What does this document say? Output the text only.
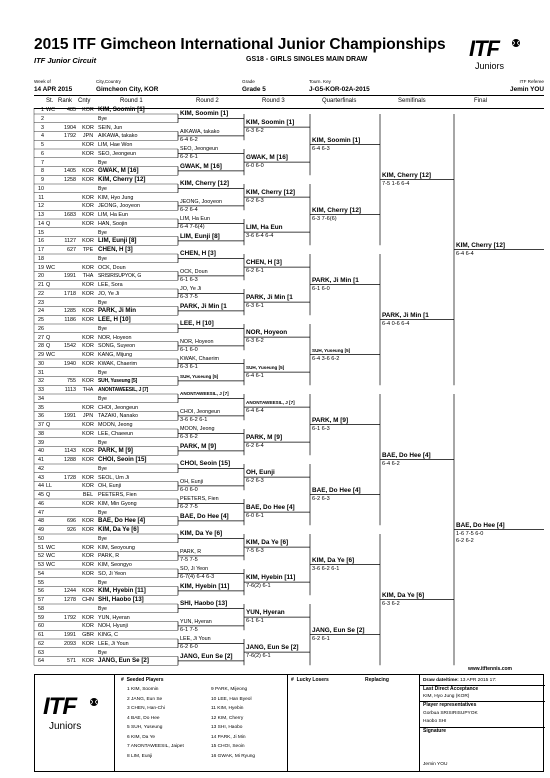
2015 ITF Gimcheon International Junior Championships
ITF Junior Circuit	GS18 - GIRLS SINGLES MAIN DRAW	ITF
Juniors
Week of
14 APR 2015
City,Country
Gimcheon City, KOR
Grade
Grade 5
Tourn. Key
J-G5-KOR-02A-2015
ITF Referee
Jemin YOU
St. Rank Cnty	Round 1	Round 2	Round 3	Quarterfinals	Semifinals	Final
1 WC	485	KOR KIM, Soomin [1]
2	Bye
3	1904	KOR SEIN, Jun
4	1792	JPN AIKAWA, takako
5	KOR LIM, Hae Won
6	KOR SEO, Jeongeun
7	Bye
8	1405	KOR GWAK, M [16]
9	1258	KOR KIM, Cherry [12]
10	Bye
11	KOR KIM, Hyo Jung
12	KOR JEONG, Jooyeon
13	1683	KOR LIM, Ha Eun
14 Q	KOR HAN, Soojin
15	Bye
16	1127	KOR LIM, Eunji [8]
17	627	TPE CHEN, H [3]
18	Bye
19 WC	KOR OCK, Doun
20	1991	THA SRISIRISUPYOK, G
21 Q	KOR LEE, Sora
22	1718	KOR JO, Ye Ji
23	Bye
24	1285	KOR PARK, Ji Min
25	1186	KOR LEE, H [10]
26	Bye
27 Q	KOR NOR, Hoyeon
28 Q	1542	KOR SONG, Suyeon
29 WC	KOR KANG, Mijung
30	1940	KOR KWAK, Chaerim
31	Bye
32	755	KOR SUH, Yuseung [5]
33	1113	THA ANONTAWEESIL, J [7]
34	Bye
35	KOR CHOI, Jeongeun
36	1991	JPN TAZAKI, Nanako
37 Q	KOR MOON, Jeong
38	KOR LEE, Chaeeun
39	Bye
40	1143	KOR PARK, M [9]
41	1288	KOR CHOI, Seoin [15]
42	Bye
43	1728	KOR SEOL, Um Ji
44 LL	KOR OH, Eunji
45 Q	BEL PEETERS, Fien
46	KOR KIM, Min Gyong
47	Bye
48	696	KOR BAE, Do Hee [4]
49	926	KOR KIM, Da Ye [6]
50	Bye
51 WC	KOR KIM, Seoyoung
52 WC	KOR PARK, R
53 WC	KOR KIM, Seongyo
54	KOR SO, Ji Yeon
55	Bye
56	1244	KOR KIM, Hyebin [11]
57	1278	CHN SHI, Haobo [13]
58	Bye
59	1792	KOR YUN, Hyeran
60	KOR NOH, Hyunji
61	1991	GBR KING, C
62	2093	KOR LEE, Ji Youn
63	Bye
64	571	KOR JANG, Eun Se [2]
KIM, Soomin [1]
AIKAWA, takako
6-4 6-2
SEO, Jeongeun
6-2 6-1
GWAK, M [16]
KIM, Cherry [12]
JEONG, Jooyeon
6-2 6-4
LIM, Ha Eun
6-4 7-6(4)
LIM, Eunji [8]
CHEN, H [3]
OCK, Doun
6-1 6-3
JO, Ye Ji
6-3 7-5
PARK, Ji Min [1
LEE, H [10]
NOR, Hoyeon
6-1 6-0
KWAK, Chaerim
6-3 6-1
SUH, Yuseung [5]
ANONTAWEESIL, J [7]
CHOI, Jeongeun
3-6 6-2 6-1
MOON, Jeong
6-3 6-2
PARK, M [9]
CHOI, Seoin [15]
OH, Eunji
6-0 6-0
PEETERS, Fien
6-2 7-5
BAE, Do Hee [4]
KIM, Da Ye [6]
PARK, R
7-5 7-5
SO, Ji Yeon
6-7(4) 6-4 6-3
KIM, Hyebin [11]
SHI, Haobo [13]
YUN, Hyeran
6-1 7-5
LEE, Ji Youn
6-2 6-0
JANG, Eun Se [2]
KIM, Soomin [1]
6-3 6-2
GWAK, M [16]
6-0 6-0
KIM, Cherry [12]
6-2 6-3
LIM, Ha Eun
3-6 6-4 6-4
CHEN, H [3]
6-2 6-1
PARK, Ji Min [1
6-3 6-1
NOR, Hoyeon
6-3 6-2
SUH, Yuseung [5]
6-4 6-1
ANONTAWEESIL, J [7]
6-4 6-4
PARK, M [9]
6-2 6-4
OH, Eunji
6-2 6-3
BAE, Do Hee [4]
6-0 6-1
KIM, Da Ye [6]
7-5 6-3
KIM, Hyebin [11]
7-6(2) 6-1
YUN, Hyeran
6-1 6-1
JANG, Eun Se [2]
7-6(2) 6-1
KIM, Soomin [1]
6-4 6-3
KIM, Cherry [12]
6-3 7-6(6)
PARK, Ji Min [1
6-1 6-0
SUH, Yuseung [5]
6-4 3-6 6-2
PARK, M [9]
6-1 6-3
BAE, Do Hee [4]
6-2 6-3
KIM, Da Ye [6]
3-6 6-2 6-1
JANG, Eun Se [2]
6-2 6-1
KIM, Cherry [12]
7-5 1-6 6-4
PARK, Ji Min [1
6-4 0-6 6-4
BAE, Do Hee [4]
6-4 6-2
KIM, Da Ye [6]
6-3 6-2
KIM, Cherry [12]
6-4 6-4
BAE, Do Hee [4]
1-6 7-5 6-0
6-2 6-2
www.itftennis.com
ITF
Juniors
#  Seeded Players
1 KIM, Soomin
2 JANG, Eun Se
3 CHEN, Han-Chi
4 BAE, Do Hee
5 SUH, Yuseung
6 KIM, Da Ye
7 ANONTAWEESIL, Jaipet
8 LIM, Eunji
9 PARK, Mijeong
10 LEE, Han Byeol
11 KIM, Hyebin
12 KIM, Cherry
13 SHI, Haobo
14 PARK, Ji Min
15 CHOI, Seoin
16 GWAK, Mi Ryung
#  Lucky Losers	Replacing	Draw date/time: 13 APR 2015 17:
Last Direct Acceptance
KIM, Hyo Jung (KOR)
Player representatives
Gorbua SRISIRISUPYOK
Haobo SHI
Signature
Jemin YOU
